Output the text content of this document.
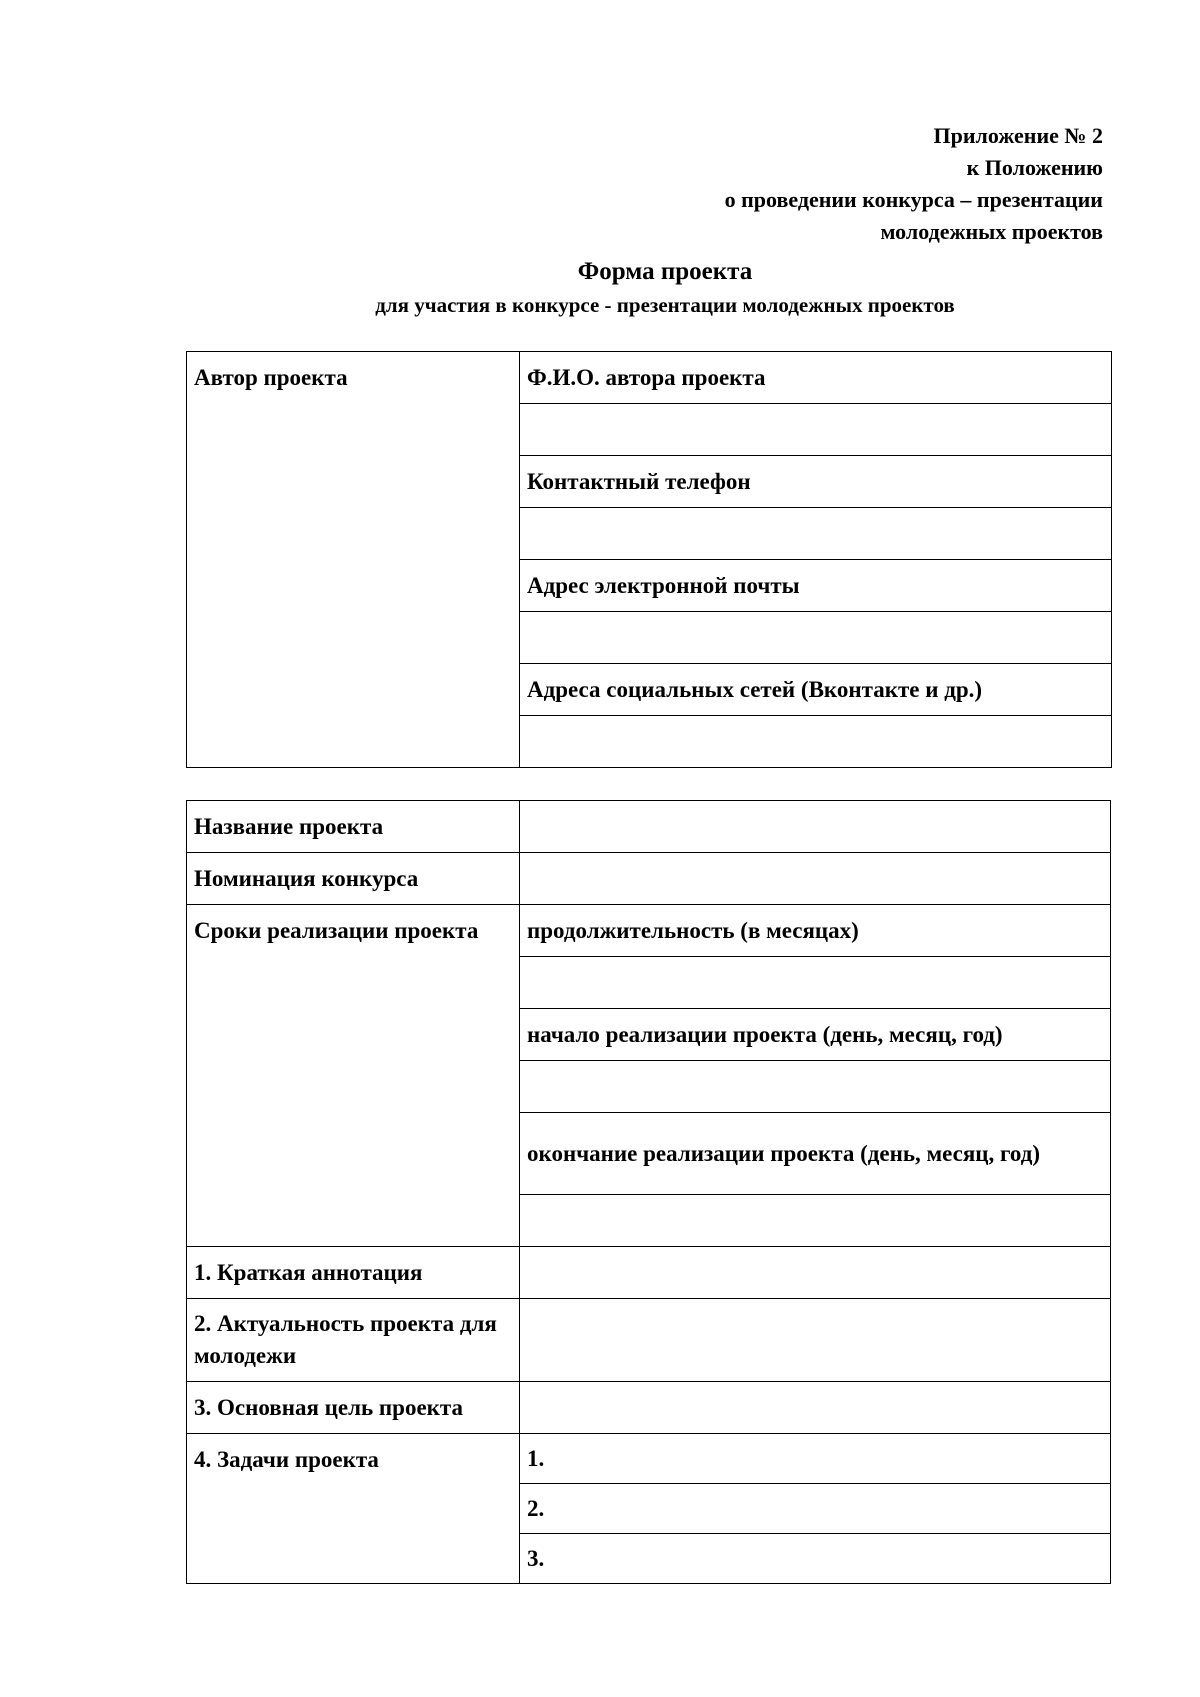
Приложение № 2
к Положению
о проведении конкурса – презентации
молодежных проектов
Форма проекта
для участия в конкурсе - презентации молодежных проектов
Автор проекта	Ф.И.О. автора проекта

Контактный телефон

Адрес электронной почты

Адреса социальных сетей (Вконтакте и др.)

Название проекта	
Номинация конкурса	
Сроки реализации проекта	продолжительность (в месяцах)

	начало реализации проекта (день, месяц, год)

	окончание реализации проекта (день, месяц, год)

1. Краткая аннотация	
2. Актуальность проекта для молодежи	
3. Основная цель проекта	
4. Задачи проекта	1.
	2.
	3.
